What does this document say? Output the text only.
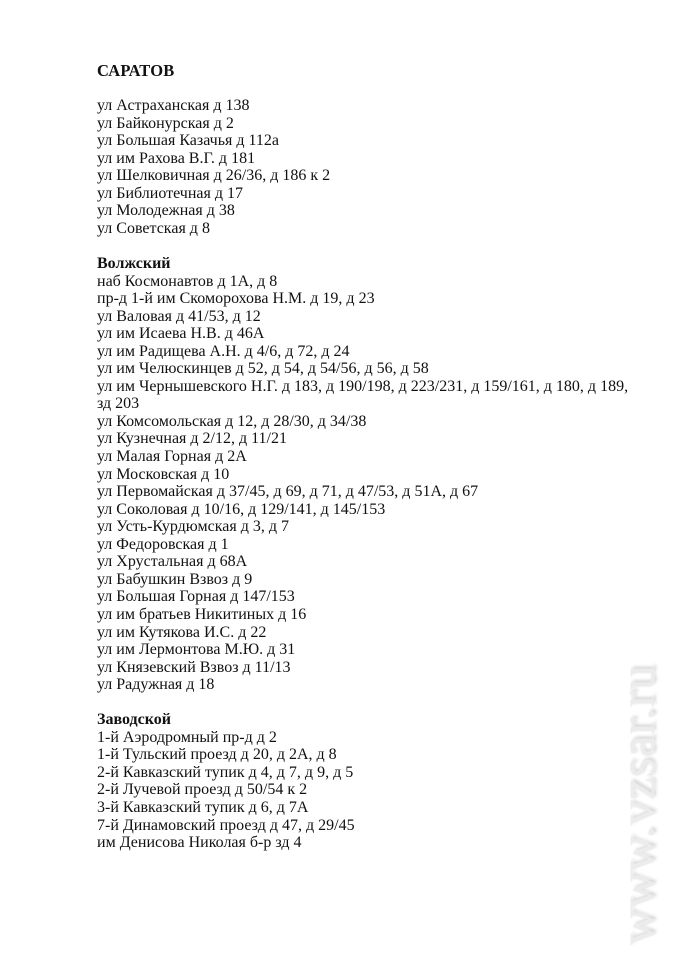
САРАТОВ
ул Астраханская д 138
ул Байконурская д 2
ул Большая Казачья д 112а
ул им Рахова В.Г. д 181
ул Шелковичная д 26/36, д 186 к 2
ул Библиотечная д 17
ул Молодежная д 38
ул Советская д 8
Волжский
наб Космонавтов д 1А, д 8
пр-д 1-й им Скоморохова Н.М. д 19, д 23
ул Валовая д 41/53, д 12
ул им Исаева Н.В. д 46А
ул им Радищева А.Н. д 4/6, д 72, д 24
ул им Челюскинцев д 52, д 54, д 54/56, д 56, д 58
ул им Чернышевского Н.Г. д 183, д 190/198, д 223/231, д 159/161, д 180, д 189, зд 203
ул Комсомольская д 12, д 28/30, д 34/38
ул Кузнечная д 2/12, д 11/21
ул Малая Горная д 2А
ул Московская д 10
ул Первомайская д 37/45, д 69, д 71, д 47/53, д 51А, д 67
ул Соколовая д 10/16, д 129/141, д 145/153
ул Усть-Курдюмская д 3, д 7
ул Федоровская д 1
ул Хрустальная д 68А
ул Бабушкин Взвоз д 9
ул Большая Горная д 147/153
ул им братьев Никитиных д 16
ул им Кутякова И.С. д 22
ул им Лермонтова М.Ю. д 31
ул Князевский Взвоз д 11/13
ул Радужная д 18
Заводской
1-й Аэродромный пр-д д 2
1-й Тульский проезд д 20, д 2А, д 8
2-й Кавказский тупик д 4, д 7, д 9, д 5
2-й Лучевой проезд д 50/54 к 2
3-й Кавказский тупик д 6, д 7А
7-й Динамовский проезд д 47, д 29/45
им Денисова Николая б-р зд 4	www.vzsar.ru
